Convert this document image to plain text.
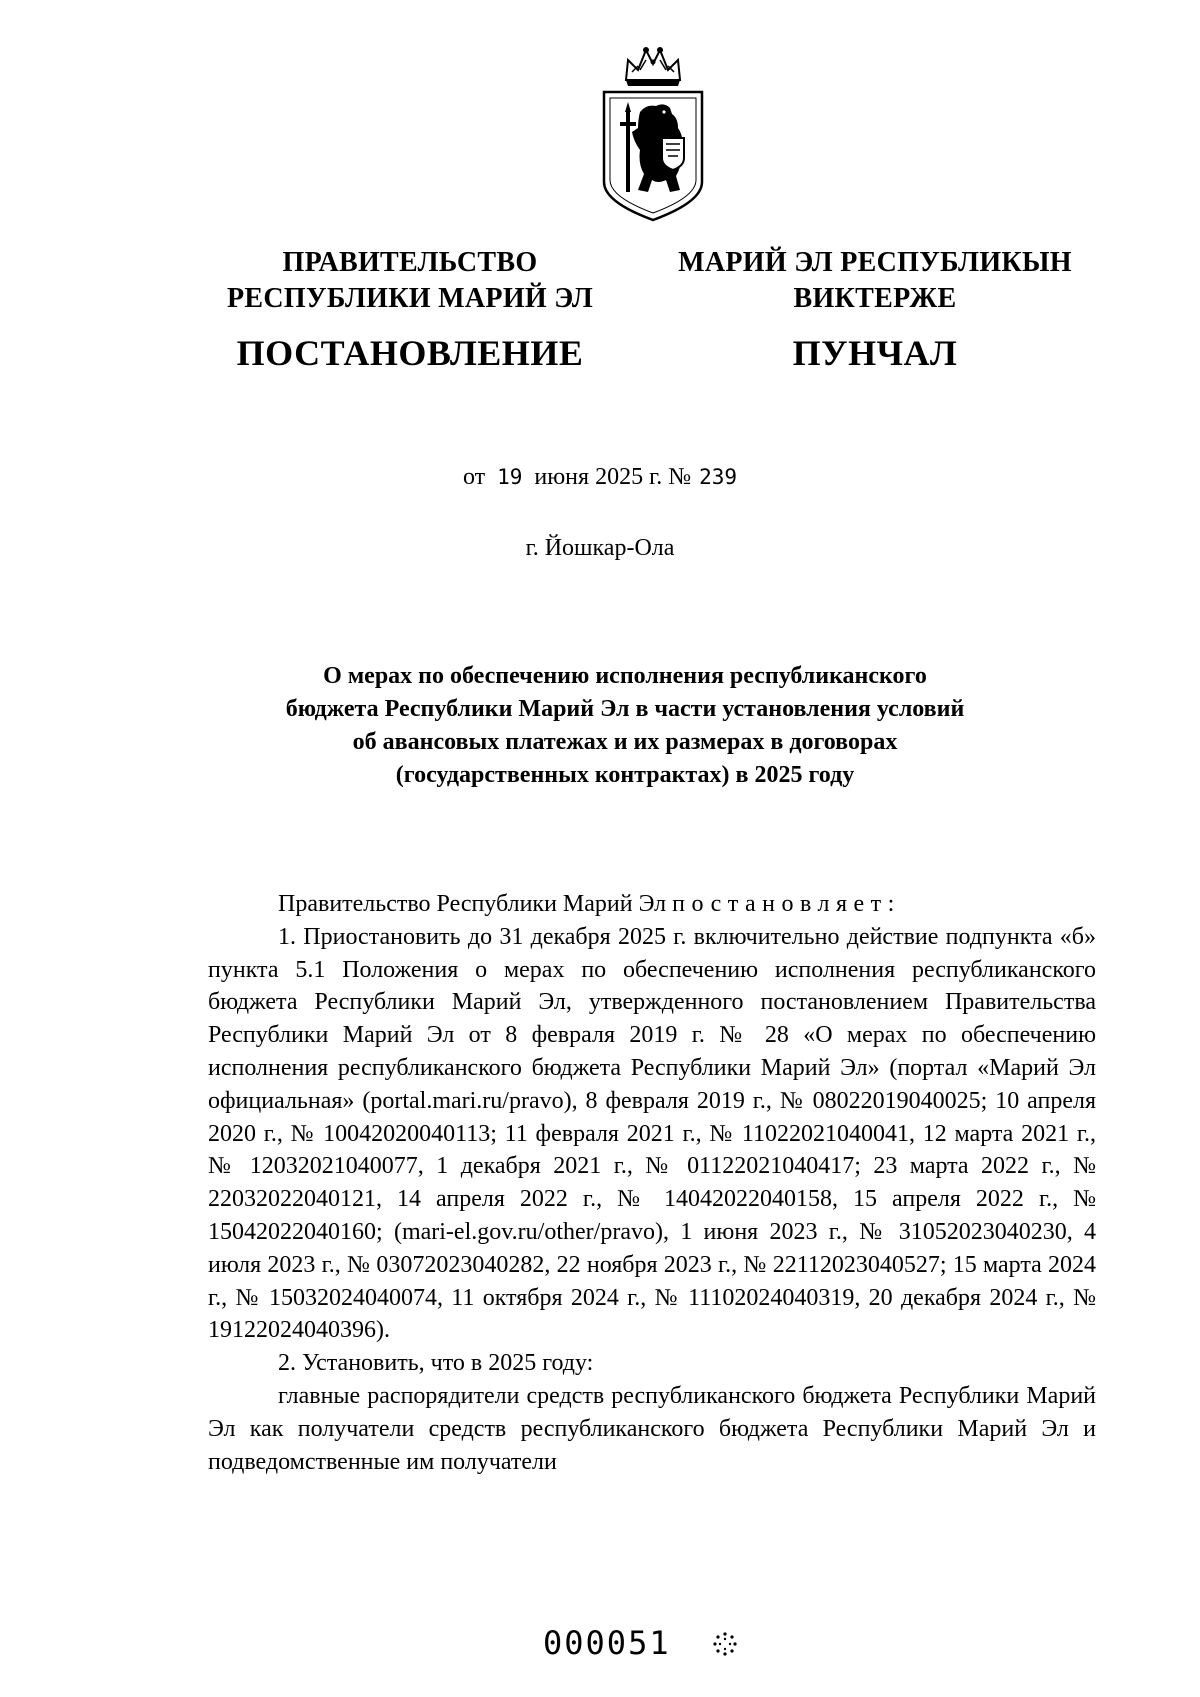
ПРАВИТЕЛЬСТВО
РЕСПУБЛИКИ МАРИЙ ЭЛ
ПОСТАНОВЛЕНИЕ
МАРИЙ ЭЛ РЕСПУБЛИКЫН
ВИКТЕРЖЕ
ПУНЧАЛ
от 19 июня 2025 г. № 239
г. Йошкар-Ола
О мерах по обеспечению исполнения республиканского
бюджета Республики Марий Эл в части установления условий
об авансовых платежах и их размерах в договорах
(государственных контрактах) в 2025 году

Правительство Республики Марий Эл постановляет:

1. Приостановить до 31 декабря 2025 г. включительно действие подпункта «б» пункта 5.1 Положения о мерах по обеспечению исполнения республиканского бюджета Республики Марий Эл, утвержденного постановлением Правительства Республики Марий Эл от 8 февраля 2019 г. № 28 «О мерах по обеспечению исполнения республиканского бюджета Республики Марий Эл» (портал «Марий Эл официальная» (portal.mari.ru/pravo), 8 февраля 2019 г., № 08022019040025; 10 апреля 2020 г., № 10042020040113; 11 февраля 2021 г., № 11022021040041, 12 марта 2021 г., № 12032021040077, 1 декабря 2021 г., № 01122021040417; 23 марта 2022 г., № 22032022040121, 14 апреля 2022 г., № 14042022040158, 15 апреля 2022 г., № 15042022040160; (mari-el.gov.ru/other/pravo), 1 июня 2023 г., № 31052023040230, 4 июля 2023 г., № 03072023040282, 22 ноября 2023 г., № 22112023040527; 15 марта 2024 г., № 15032024040074, 11 октября 2024 г., № 11102024040319, 20 декабря 2024 г., № 19122024040396).

2. Установить, что в 2025 году:

главные распорядители средств республиканского бюджета Республики Марий Эл как получатели средств республиканского бюджета Республики Марий Эл и подведомственные им получатели

000051
